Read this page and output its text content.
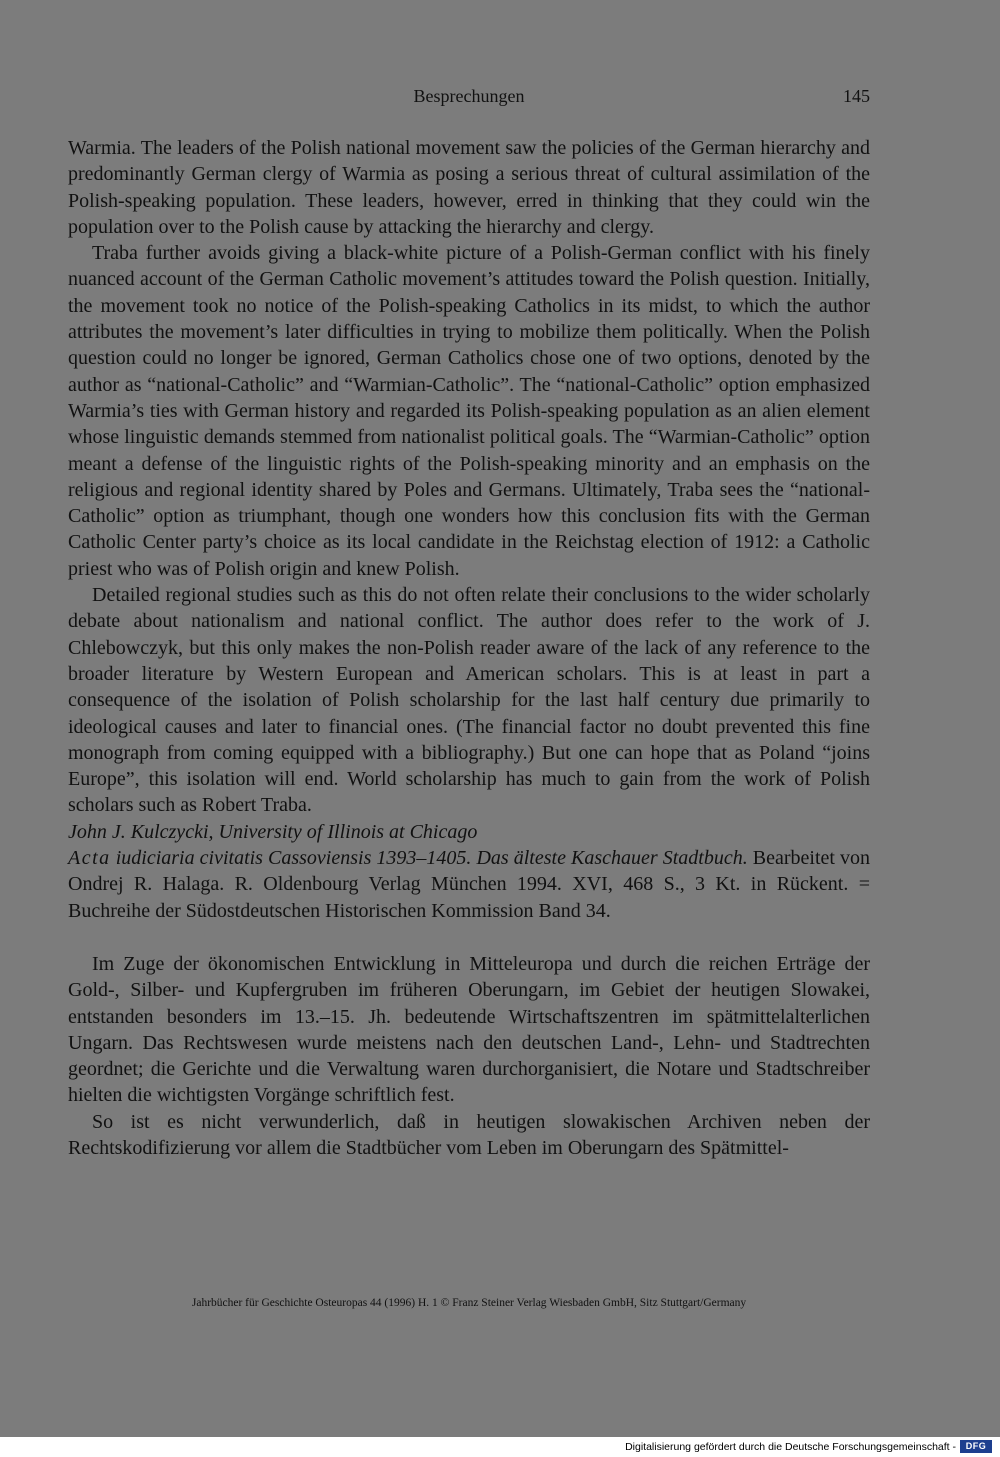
Besprechungen	145

Warmia. The leaders of the Polish national movement saw the policies of the German hierarchy and predominantly German clergy of Warmia as posing a serious threat of cultural assimilation of the Polish-speaking population. These leaders, however, erred in thinking that they could win the population over to the Polish cause by attacking the hierarchy and clergy.

Traba further avoids giving a black-white picture of a Polish-German conflict with his finely nuanced account of the German Catholic movement’s attitudes toward the Polish question. Initially, the movement took no notice of the Polish-speaking Catholics in its midst, to which the author attributes the movement’s later difficulties in trying to mobilize them politically. When the Polish question could no longer be ignored, German Catholics chose one of two options, denoted by the author as “national-Catholic” and “Warmian-Catholic”. The “national-Catholic” option emphasized Warmia’s ties with German history and regarded its Polish-speaking population as an alien element whose linguistic demands stemmed from nationalist political goals. The “Warmian-Catholic” option meant a defense of the linguistic rights of the Polish-speaking minority and an emphasis on the religious and regional identity shared by Poles and Germans. Ultimately, Traba sees the “national-Catholic” option as triumphant, though one wonders how this conclusion fits with the German Catholic Center party’s choice as its local candidate in the Reichstag election of 1912: a Catholic priest who was of Polish origin and knew Polish.

Detailed regional studies such as this do not often relate their conclusions to the wider scholarly debate about nationalism and national conflict. The author does refer to the work of J. Chlebowczyk, but this only makes the non-Polish reader aware of the lack of any reference to the broader literature by Western European and American scholars. This is at least in part a consequence of the isolation of Polish scholarship for the last half century due primarily to ideological causes and later to financial ones. (The financial factor no doubt prevented this fine monograph from coming equipped with a bibliography.) But one can hope that as Poland “joins Europe”, this isolation will end. World scholarship has much to gain from the work of Polish scholars such as Robert Traba.

John J. Kulczycki, University of Illinois at Chicago

Acta iudiciaria civitatis Cassoviensis 1393–1405. Das älteste Kaschauer Stadtbuch. Bearbeitet von Ondrej R. Halaga. R. Oldenbourg Verlag München 1994. XVI, 468 S., 3 Kt. in Rückent. = Buchreihe der Südostdeutschen Historischen Kommission Band 34.

Im Zuge der ökonomischen Entwicklung in Mitteleuropa und durch die reichen Erträge der Gold-, Silber- und Kupfergruben im früheren Oberungarn, im Gebiet der heutigen Slowakei, entstanden besonders im 13.–15. Jh. bedeutende Wirtschaftszentren im spätmittelalterlichen Ungarn. Das Rechtswesen wurde meistens nach den deutschen Land-, Lehn- und Stadtrechten geordnet; die Gerichte und die Verwaltung waren durchorganisiert, die Notare und Stadtschreiber hielten die wichtigsten Vorgänge schriftlich fest.

So ist es nicht verwunderlich, daß in heutigen slowakischen Archiven neben der Rechtskodifizierung vor allem die Stadtbücher vom Leben im Oberungarn des Spätmittel-

Jahrbücher für Geschichte Osteuropas 44 (1996) H. 1 © Franz Steiner Verlag Wiesbaden GmbH, Sitz Stuttgart/Germany
Digitalisierung gefördert durch die Deutsche Forschungsgemeinschaft -	DFG
